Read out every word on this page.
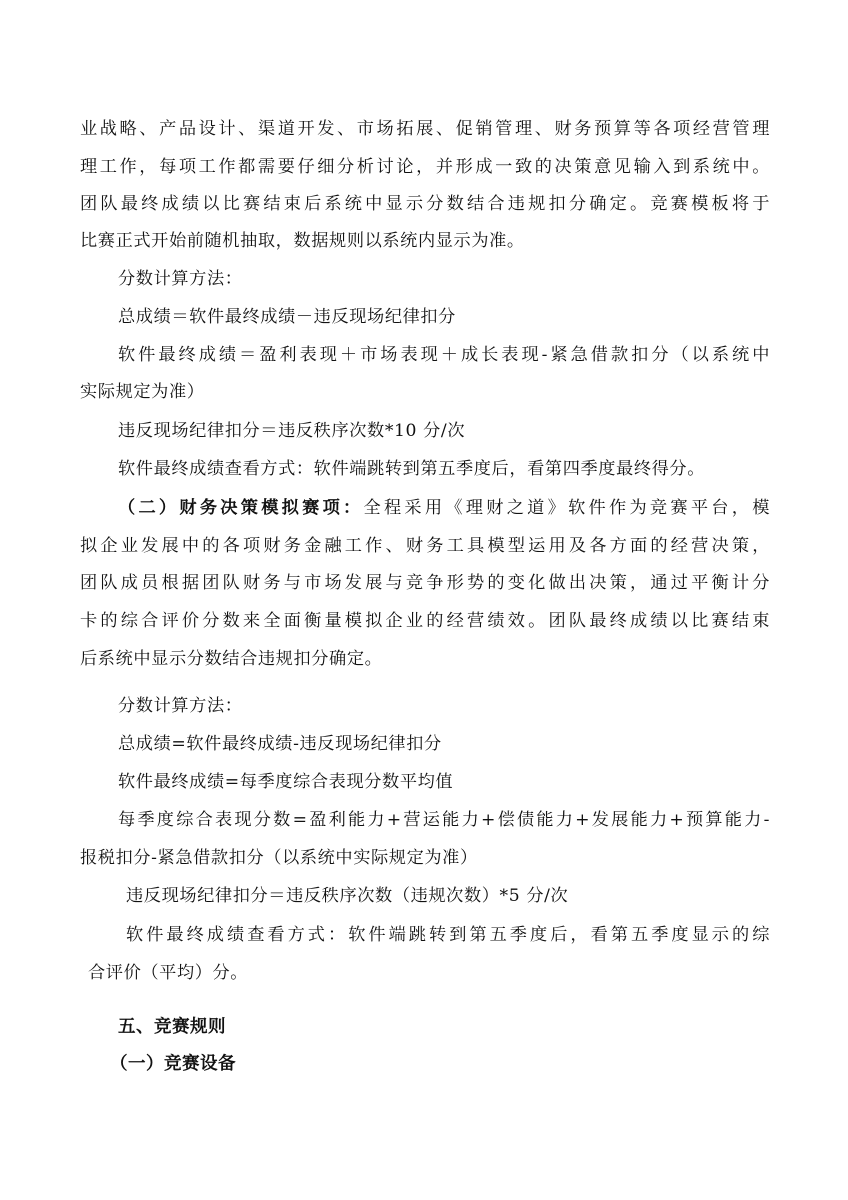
业战略、产品设计、渠道开发、市场拓展、促销管理、财务预算等各项经营管理
理工作，每项工作都需要仔细分析讨论，并形成一致的决策意见输入到系统中。
团队最终成绩以比赛结束后系统中显示分数结合违规扣分确定。竞赛模板将于
比赛正式开始前随机抽取，数据规则以系统内显示为准。
分数计算方法：
总成绩＝软件最终成绩－违反现场纪律扣分
软件最终成绩＝盈利表现＋市场表现＋成长表现-紧急借款扣分（以系统中
实际规定为准）
违反现场纪律扣分＝违反秩序次数*10 分/次
软件最终成绩查看方式：软件端跳转到第五季度后，看第四季度最终得分。
（二）财务决策模拟赛项：全程采用《理财之道》软件作为竞赛平台，模
拟企业发展中的各项财务金融工作、财务工具模型运用及各方面的经营决策，
团队成员根据团队财务与市场发展与竞争形势的变化做出决策，通过平衡计分
卡的综合评价分数来全面衡量模拟企业的经营绩效。团队最终成绩以比赛结束
后系统中显示分数结合违规扣分确定。
分数计算方法：
总成绩=软件最终成绩-违反现场纪律扣分
软件最终成绩=每季度综合表现分数平均值
每季度综合表现分数=盈利能力+营运能力+偿债能力+发展能力+预算能力-
报税扣分-紧急借款扣分（以系统中实际规定为准）
违反现场纪律扣分＝违反秩序次数（违规次数）*5 分/次
软件最终成绩查看方式：软件端跳转到第五季度后，看第五季度显示的综
合评价（平均）分。
五、竞赛规则
（一）竞赛设备
